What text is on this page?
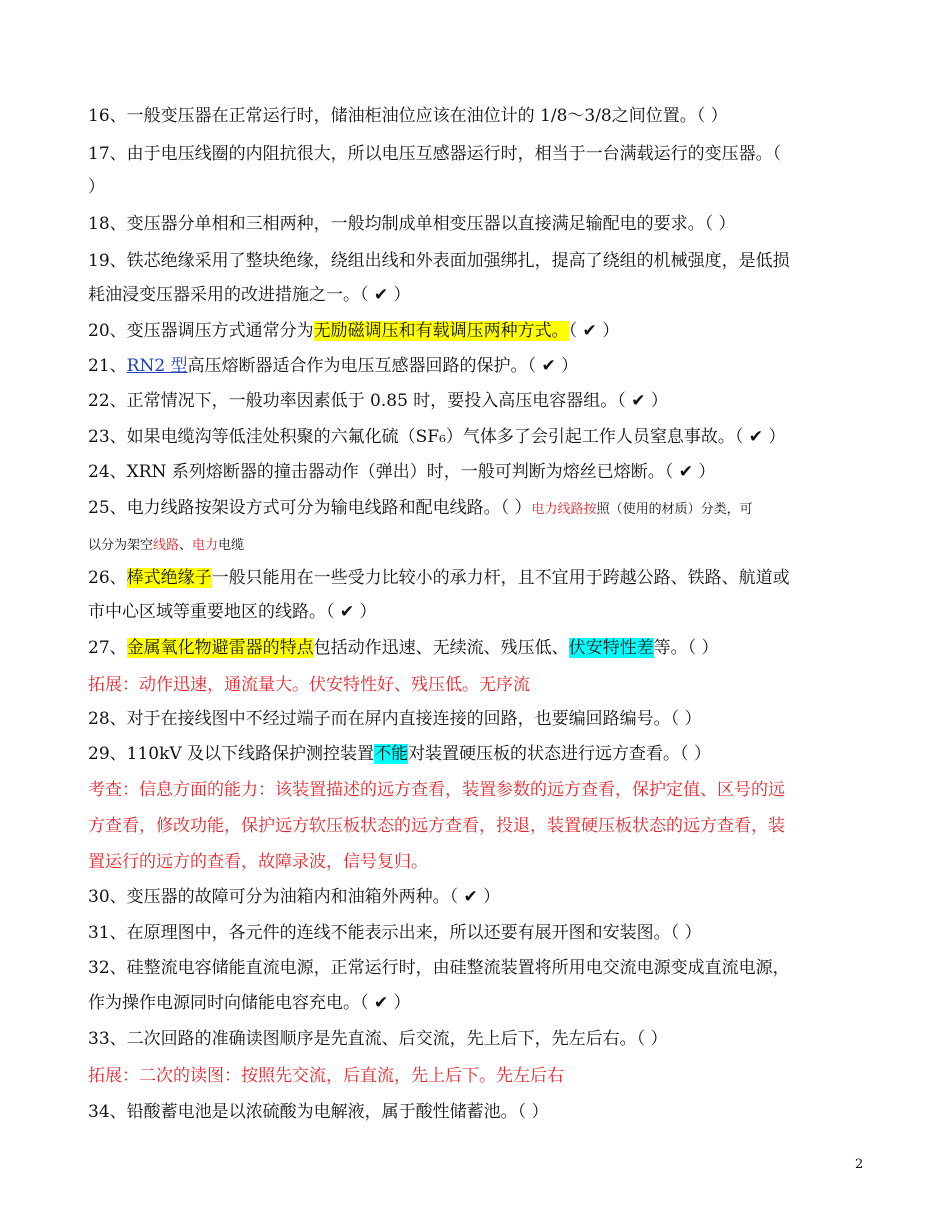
16、一般变压器在正常运行时，储油柜油位应该在油位计的 1/8～3/8之间位置。（ ）
17、由于电压线圈的内阻抗很大，所以电压互感器运行时，相当于一台满载运行的变压器。（
）
18、变压器分单相和三相两种，一般均制成单相变压器以直接满足输配电的要求。（ ）
19、铁芯绝缘采用了整块绝缘，绕组出线和外表面加强绑扎，提高了绕组的机械强度，是低损
耗油浸变压器采用的改进措施之一。（ ✔ ）
20、变压器调压方式通常分为无励磁调压和有载调压两种方式。（ ✔ ）
21、RN2 型高压熔断器适合作为电压互感器回路的保护。（ ✔ ）
22、正常情况下，一般功率因素低于 0.85 时，要投入高压电容器组。（ ✔ ）
23、如果电缆沟等低洼处积聚的六氟化硫（SF₆）气体多了会引起工作人员窒息事故。（ ✔ ）
24、XRN 系列熔断器的撞击器动作（弹出）时，一般可判断为熔丝已熔断。（ ✔ ）
25、电力线路按架设方式可分为输电线路和配电线路。（ ）电力线路按照（使用的材质）分类，可
以分为架空线路、电力电缆
26、棒式绝缘子一般只能用在一些受力比较小的承力杆，且不宜用于跨越公路、铁路、航道或
市中心区域等重要地区的线路。（ ✔ ）
27、金属氧化物避雷器的特点包括动作迅速、无续流、残压低、伏安特性差等。（ ）
拓展：动作迅速，通流量大。伏安特性好、残压低。无序流
28、对于在接线图中不经过端子而在屏内直接连接的回路，也要编回路编号。（ ）
29、110kV 及以下线路保护测控装置不能对装置硬压板的状态进行远方查看。（ ）
考查：信息方面的能力：该装置描述的远方查看，装置参数的远方查看，保护定值、区号的远
方查看，修改功能，保护远方软压板状态的远方查看，投退，装置硬压板状态的远方查看，装
置运行的远方的查看，故障录波，信号复归。
30、变压器的故障可分为油箱内和油箱外两种。（ ✔ ）
31、在原理图中，各元件的连线不能表示出来，所以还要有展开图和安装图。（ ）
32、硅整流电容储能直流电源，正常运行时，由硅整流装置将所用电交流电源变成直流电源，
作为操作电源同时向储能电容充电。（ ✔ ）
33、二次回路的准确读图顺序是先直流、后交流，先上后下，先左后右。（ ）
拓展：二次的读图：按照先交流，后直流，先上后下。先左后右
34、铅酸蓄电池是以浓硫酸为电解液，属于酸性储蓄池。（ ）
2
